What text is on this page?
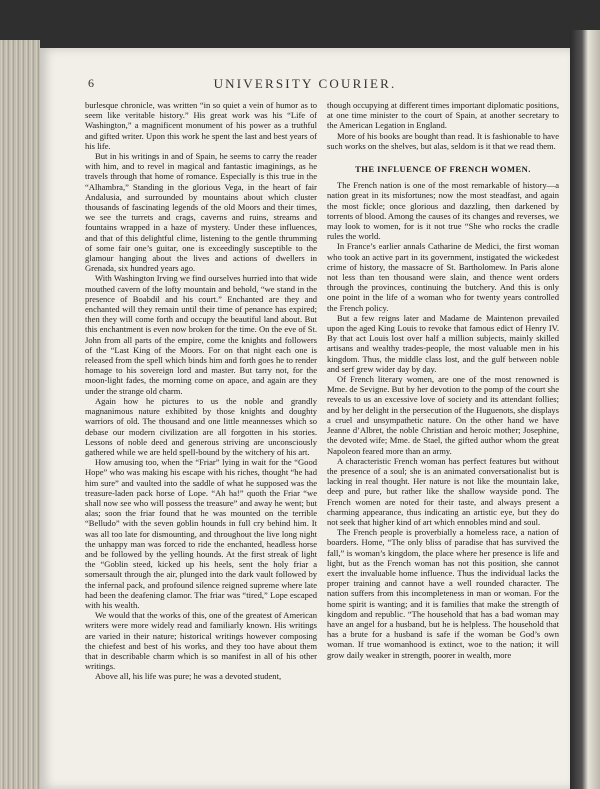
6	UNIVERSITY COURIER.

burlesque chronicle, was written “in so quiet a vein of humor as to seem like veritable history.” His great work was his “Life of Washington,” a magnificent monument of his power as a truthful and gifted writer. Upon this work he spent the last and best years of his life.

But in his writings in and of Spain, he seems to carry the reader with him, and to revel in magical and fantastic imaginings, as he travels through that home of romance. Especially is this true in the “Alhambra,” Standing in the glorious Vega, in the heart of fair Andalusia, and surrounded by mountains about which cluster thousands of fascinating legends of the old Moors and their times, we see the turrets and crags, caverns and ruins, streams and fountains wrapped in a haze of mystery. Under these influences, and that of this delightful clime, listening to the gentle thrumming of some fair one’s guitar, one is exceedingly susceptible to the glamour hanging about the lives and actions of dwellers in Grenada, six hundred years ago.

With Washington Irving we find ourselves hurried into that wide mouthed cavern of the lofty mountain and behold, “we stand in the presence of Boabdil and his court.” Enchanted are they and enchanted will they remain until their time of penance has expired; then they will come forth and occupy the beautiful land about. But this enchantment is even now broken for the time. On the eve of St. John from all parts of the empire, come the knights and followers of the “Last King of the Moors. For on that night each one is released from the spell which binds him and forth goes he to render homage to his sovereign lord and master. But tarry not, for the moon-light fades, the morning come on apace, and again are they under the strange old charm.

Again how he pictures to us the noble and grandly magnanimous nature exhibited by those knights and doughty warriors of old. The thousand and one little meannesses which so debase our modern civilization are all forgotten in his stories. Lessons of noble deed and generous striving are unconsciously gathered while we are held spell-bound by the witchery of his art.

How amusing too, when the “Friar” lying in wait for the “Good Hope” who was making his escape with his riches, thought “he had him sure” and vaulted into the saddle of what he supposed was the treasure-laden pack horse of Lope. “Ah ha!” quoth the Friar “we shall now see who will possess the treasure” and away he went; but alas; soon the friar found that he was mounted on the terrible “Belludo” with the seven goblin hounds in full cry behind him. It was all too late for dismounting, and throughout the live long night the unhappy man was forced to ride the enchanted, headless horse and be followed by the yelling hounds. At the first streak of light the “Goblin steed, kicked up his heels, sent the holy friar a somersault through the air, plunged into the dark vault followed by the infernal pack, and profound silence reigned supreme where late had been the deafening clamor. The friar was “tired,” Lope escaped with his wealth.

We would that the works of this, one of the greatest of American writers were more widely read and familiarly known. His writings are varied in their nature; historical writings however composing the chiefest and best of his works, and they too have about them that in describable charm which is so manifest in all of his other writings.

Above all, his life was pure; he was a devoted student,

though occupying at different times important diplomatic positions, at one time minister to the court of Spain, at another secretary to the American Legation in England.

More of his books are bought than read. It is fashionable to have such works on the shelves, but alas, seldom is it that we read them.

THE INFLUENCE OF FRENCH WOMEN.

The French nation is one of the most remarkable of history—a nation great in its misfortunes; now the most steadfast, and again the most fickle; once glorious and dazzling, then darkened by torrents of blood. Among the causes of its changes and reverses, we may look to women, for is it not true “She who rocks the cradle rules the world.

In France’s earlier annals Catharine de Medici, the first woman who took an active part in its government, instigated the wickedest crime of history, the massacre of St. Bartholomew. In Paris alone not less than ten thousand were slain, and thence went orders through the provinces, continuing the butchery. And this is only one point in the life of a woman who for twenty years controlled the French policy.

But a few reigns later and Madame de Maintenon prevailed upon the aged King Louis to revoke that famous edict of Henry IV. By that act Louis lost over half a million subjects, mainly skilled artisans and wealthy trades-people, the most valuable men in his kingdom. Thus, the middle class lost, and the gulf between noble and serf grew wider day by day.

Of French literary women, are one of the most renowned is Mme. de Sevigne. But by her devotion to the pomp of the court she reveals to us an excessive love of society and its attendant follies; and by her delight in the persecution of the Huguenots, she displays a cruel and unsympathetic nature. On the other hand we have Jeanne d’Albret, the noble Christian and heroic mother; Josephine, the devoted wife; Mme. de Stael, the gifted author whom the great Napoleon feared more than an army.

A characteristic French woman has perfect features but without the presence of a soul; she is an animated conversationalist but is lacking in real thought. Her nature is not like the mountain lake, deep and pure, but rather like the shallow wayside pond. The French women are noted for their taste, and always present a charming appearance, thus indicating an artistic eye, but they do not seek that higher kind of art which ennobles mind and soul.

The French people is proverbially a homeless race, a nation of boarders. Home, “The only bliss of paradise that has survived the fall,” is woman’s kingdom, the place where her presence is life and light, but as the French woman has not this position, she cannot exert the invaluable home influence. Thus the individual lacks the proper training and cannot have a well rounded character. The nation suffers from this incompleteness in man or woman. For the home spirit is wanting; and it is families that make the strength of kingdom and republic. “The household that has a bad woman may have an angel for a husband, but he is helpless. The household that has a brute for a husband is safe if the woman be God’s own woman. If true womanhood is extinct, woe to the nation; it will grow daily weaker in strength, poorer in wealth, more
